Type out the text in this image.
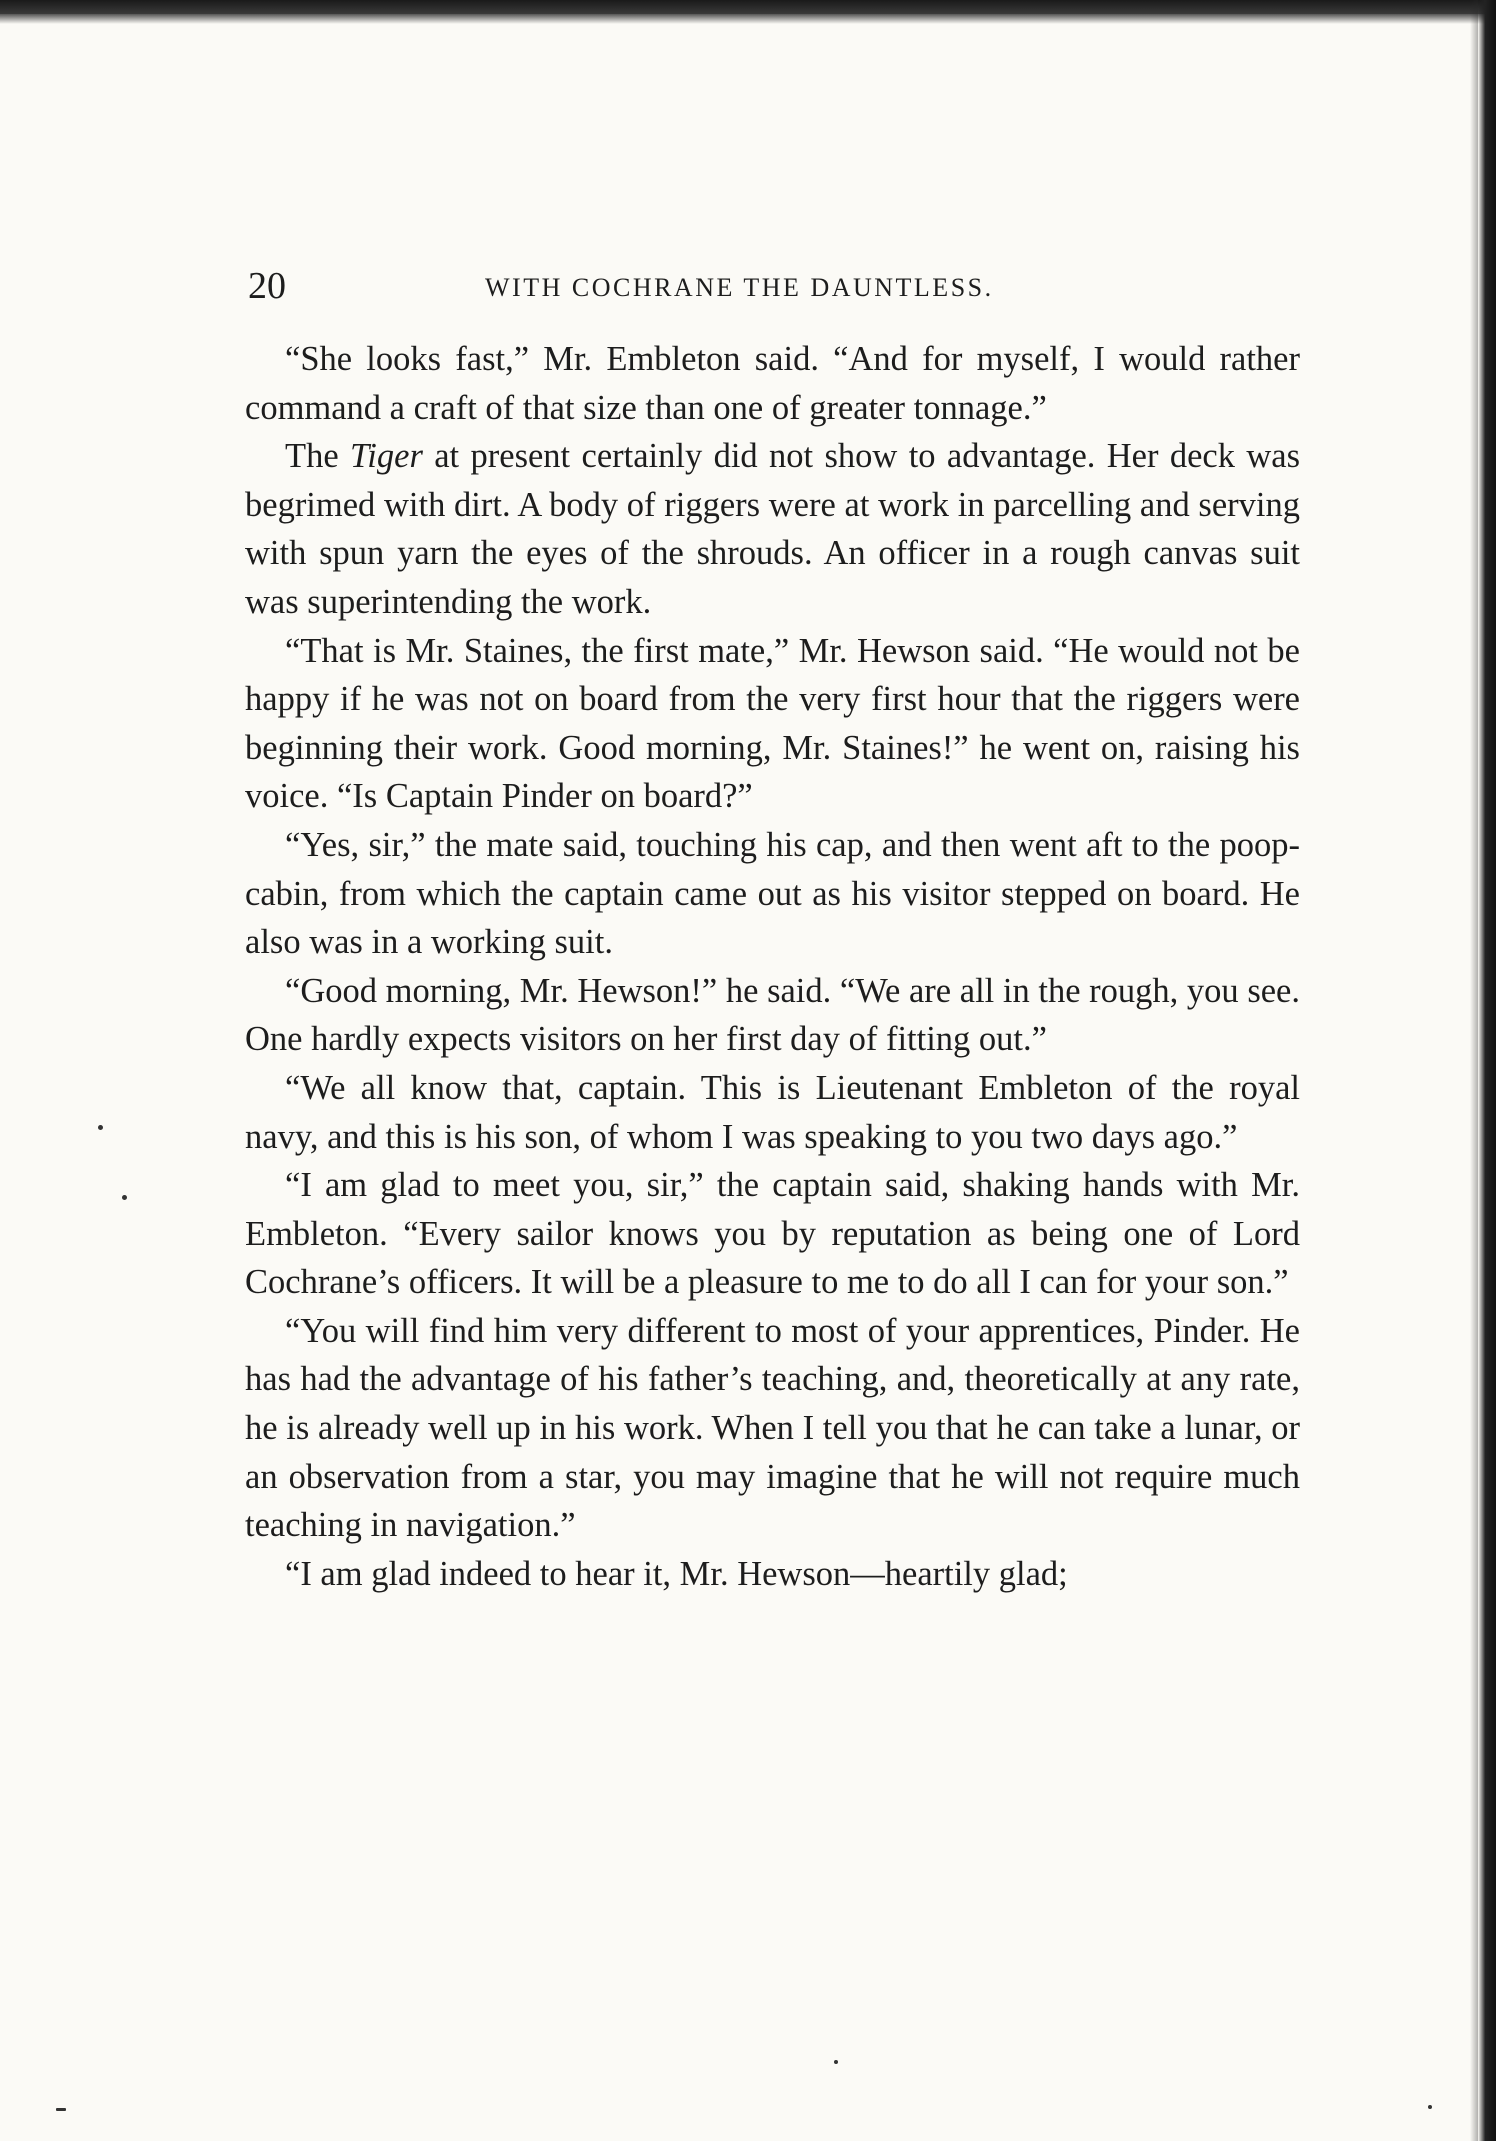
20	WITH COCHRANE THE DAUNTLESS.

“She looks fast,” Mr. Embleton said. “And for myself, I would rather command a craft of that size than one of greater tonnage.”

The Tiger at present certainly did not show to advantage. Her deck was begrimed with dirt. A body of riggers were at work in parcelling and serving with spun yarn the eyes of the shrouds. An officer in a rough canvas suit was superintending the work.

“That is Mr. Staines, the first mate,” Mr. Hewson said. “He would not be happy if he was not on board from the very first hour that the riggers were beginning their work. Good morning, Mr. Staines!” he went on, raising his voice. “Is Captain Pinder on board?”

“Yes, sir,” the mate said, touching his cap, and then went aft to the poop-cabin, from which the captain came out as his visitor stepped on board. He also was in a working suit.

“Good morning, Mr. Hewson!” he said. “We are all in the rough, you see. One hardly expects visitors on her first day of fitting out.”

“We all know that, captain. This is Lieutenant Embleton of the royal navy, and this is his son, of whom I was speaking to you two days ago.”

“I am glad to meet you, sir,” the captain said, shaking hands with Mr. Embleton. “Every sailor knows you by reputation as being one of Lord Cochrane’s officers. It will be a pleasure to me to do all I can for your son.”

“You will find him very different to most of your apprentices, Pinder. He has had the advantage of his father’s teaching, and, theoretically at any rate, he is already well up in his work. When I tell you that he can take a lunar, or an observation from a star, you may imagine that he will not require much teaching in navigation.”

“I am glad indeed to hear it, Mr. Hewson—heartily glad;
